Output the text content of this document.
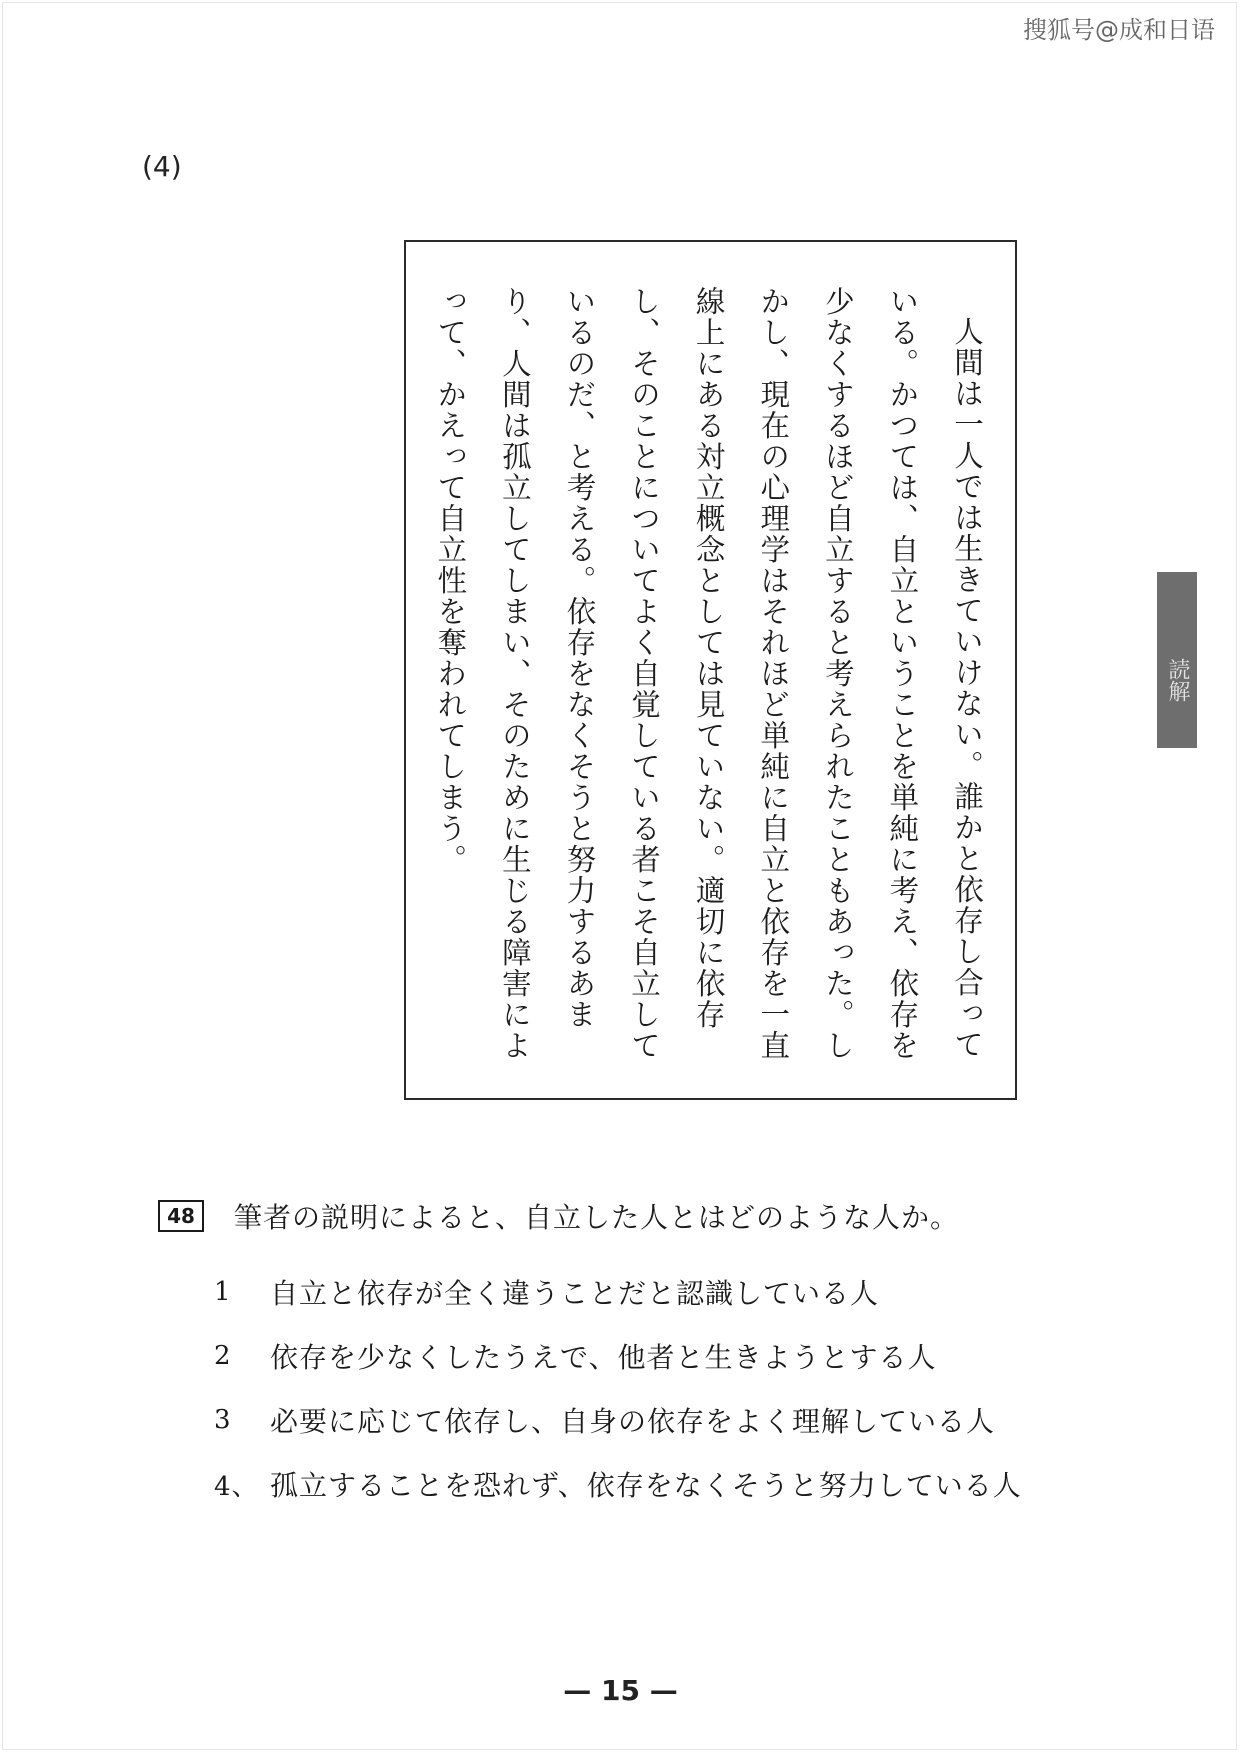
搜狐号@成和日语
(4)

人間は一人では生きていけない。誰かと依存し合っている。かつては、自立ということを単純に考え、依存を少なくするほど自立すると考えられたこともあった。しかし、現在の心理学はそれほど単純に自立と依存を一直線上にある対立概念としては見ていない。適切に依存し、そのことについてよく自覚している者こそ自立しているのだ、と考える。依存をなくそうと努力するあまり、人間は孤立してしまい、そのために生じる障害によって、かえって自立性を奪われてしまう。	読解
48	筆者の説明によると、自立した人とはどのような人か。
1	自立と依存が全く違うことだと認識している人
2	依存を少なくしたうえで、他者と生きようとする人
3	必要に応じて依存し、自身の依存をよく理解している人
4、 孤立することを恐れず、依存をなくそうと努力している人
— 15 —
